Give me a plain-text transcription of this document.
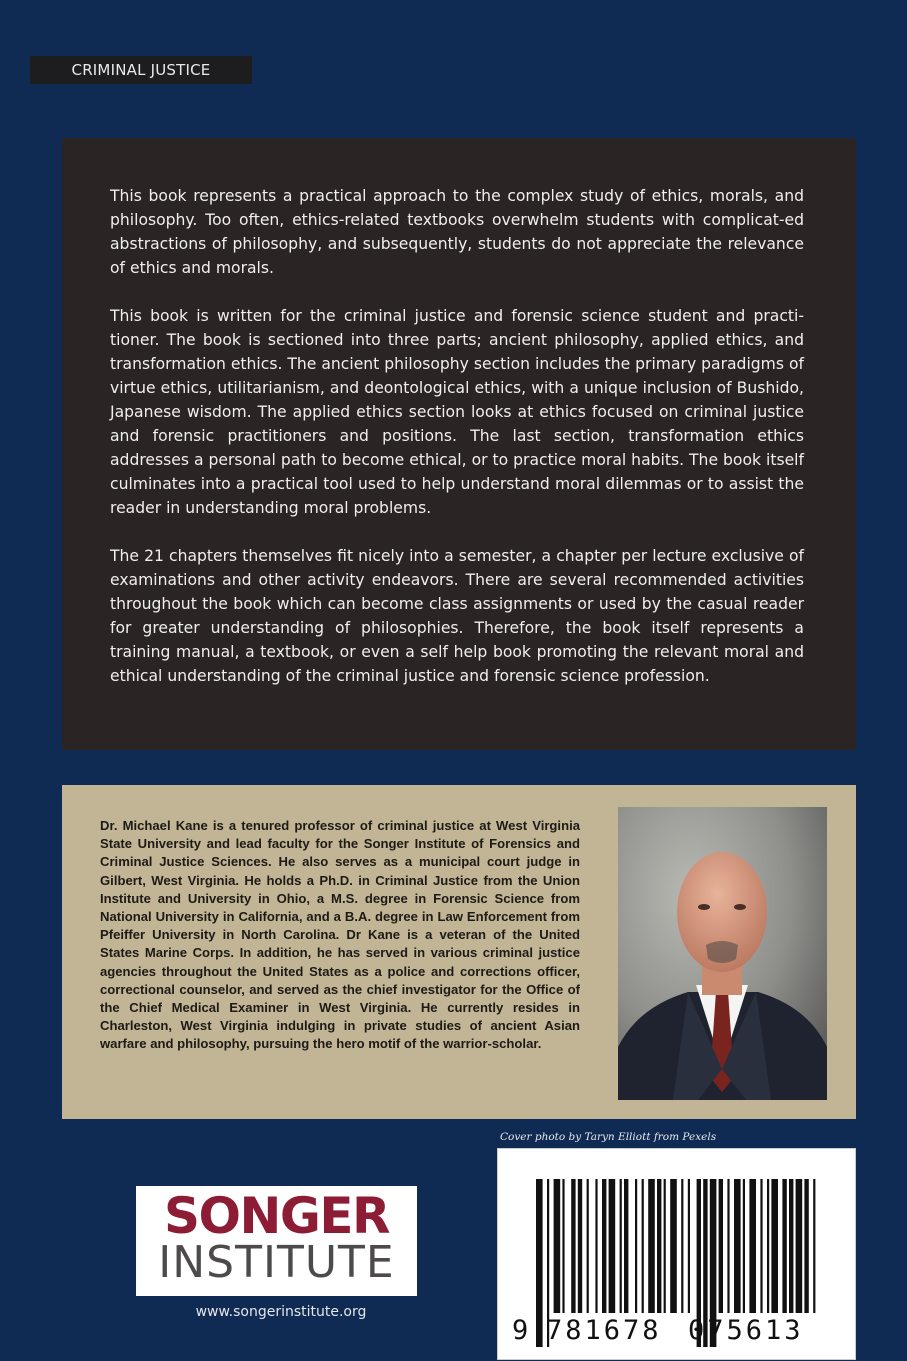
CRIMINAL JUSTICE

This book represents a practical approach to the complex study of ethics, morals, and philosophy. Too often, ethics-related textbooks overwhelm students with complicat-ed abstractions of philosophy, and subsequently, students do not appreciate the relevance of ethics and morals.

This book is written for the criminal justice and forensic science student and practi-tioner. The book is sectioned into three parts; ancient philosophy, applied ethics, and transformation ethics. The ancient philosophy section includes the primary paradigms of virtue ethics, utilitarianism, and deontological ethics, with a unique inclusion of Bushido, Japanese wisdom. The applied ethics section looks at ethics focused on criminal justice and forensic practitioners and positions. The last section, transformation ethics addresses a personal path to become ethical, or to practice moral habits. The book itself culminates into a practical tool used to help understand moral dilemmas or to assist the reader in understanding moral problems.

The 21 chapters themselves fit nicely into a semester, a chapter per lecture exclusive of examinations and other activity endeavors. There are several recommended activities throughout the book which can become class assignments or used by the casual reader for greater understanding of philosophies. Therefore, the book itself represents a training manual, a textbook, or even a self help book promoting the relevant moral and ethical understanding of the criminal justice and forensic science profession.

Dr. Michael Kane is a tenured professor of criminal justice at West Virginia State University and lead faculty for the Songer Institute of Forensics and Criminal Justice Sciences. He also serves as a municipal court judge in Gilbert, West Virginia. He holds a Ph.D. in Criminal Justice from the Union Institute and University in Ohio, a M.S. degree in Forensic Science from National University in California, and a B.A. degree in Law Enforcement from Pfeiffer University in North Carolina. Dr Kane is a veteran of the United States Marine Corps. In addition, he has served in various criminal justice agencies throughout the United States as a police and corrections officer, correctional counselor, and served as the chief investigator for the Office of the Chief Medical Examiner in West Virginia. He currently resides in Charleston, West Virginia indulging in private studies of ancient Asian warfare and philosophy, pursuing the hero motif of the warrior-scholar.

Cover photo by Taryn Elliott from Pexels
SONGER
INSTITUTE
www.songerinstitute.org
9 781678 075613
